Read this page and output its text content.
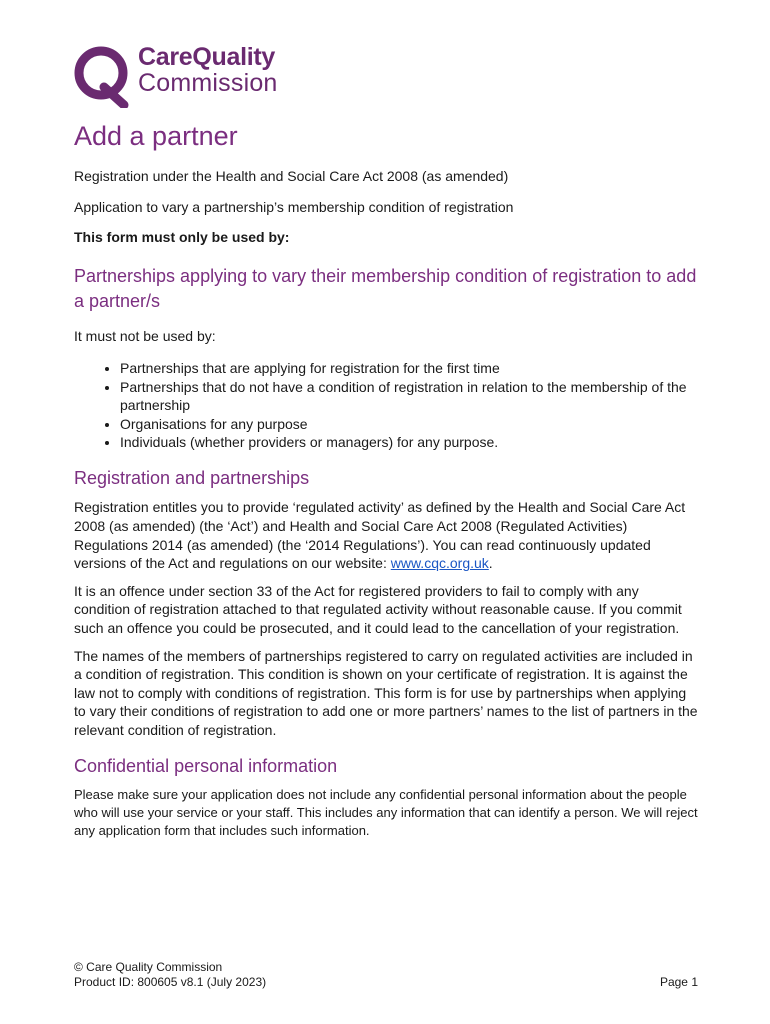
CareQuality
Commission
Add a partner

Registration under the Health and Social Care Act 2008 (as amended)

Application to vary a partnership’s membership condition of registration

This form must only be used by:

Partnerships applying to vary their membership condition of registration to add a partner/s

It must not be used by:

• Partnerships that are applying for registration for the first time
• Partnerships that do not have a condition of registration in relation to the membership of the partnership
• Organisations for any purpose
• Individuals (whether providers or managers) for any purpose.
Registration and partnerships

Registration entitles you to provide ‘regulated activity’ as defined by the Health and Social Care Act 2008 (as amended) (the ‘Act’) and Health and Social Care Act 2008 (Regulated Activities) Regulations 2014 (as amended) (the ‘2014 Regulations’). You can read continuously updated versions of the Act and regulations on our website: www.cqc.org.uk.

It is an offence under section 33 of the Act for registered providers to fail to comply with any condition of registration attached to that regulated activity without reasonable cause. If you commit such an offence you could be prosecuted, and it could lead to the cancellation of your registration.

The names of the members of partnerships registered to carry on regulated activities are included in a condition of registration. This condition is shown on your certificate of registration. It is against the law not to comply with conditions of registration. This form is for use by partnerships when applying to vary their conditions of registration to add one or more partners’ names to the list of partners in the relevant condition of registration.

Confidential personal information

Please make sure your application does not include any confidential personal information about the people who will use your service or your staff. This includes any information that can identify a person. We will reject any application form that includes such information.

© Care Quality Commission
Product ID: 800605 v8.1 (July 2023)	Page 1
